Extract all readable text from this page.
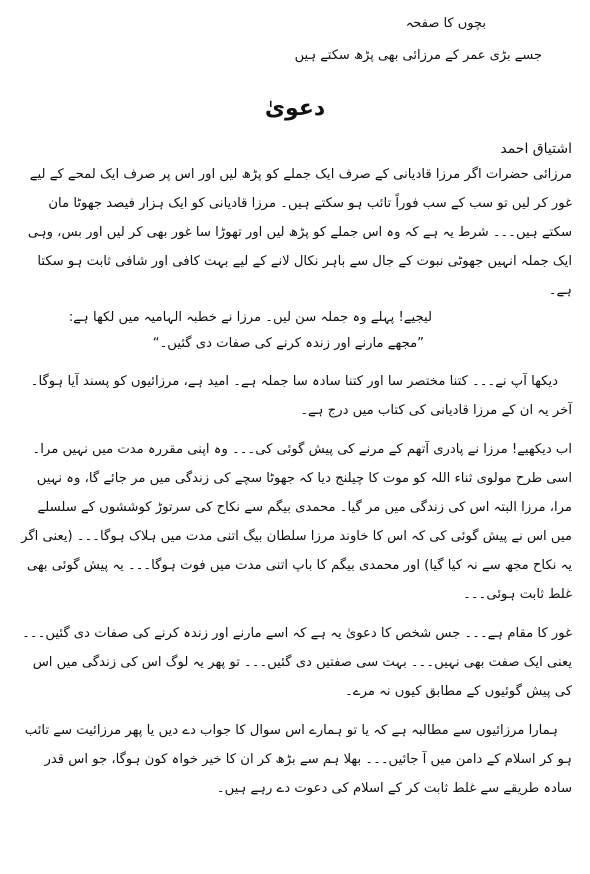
بچوں کا صفحہ
جسے بڑی عمر کے مرزائی بھی پڑھ سکتے ہیں
دعویٰ
اشتیاق احمد

مرزائی حضرات اگر مرزا قادیانی کے صرف ایک جملے کو پڑھ لیں اور اس پر صرف ایک لمحے کے لیے غور کر لیں تو سب کے سب فوراً تائب ہو سکتے ہیں۔ مرزا قادیانی کو ایک ہزار فیصد جھوٹا مان سکتے ہیں۔۔۔ شرط یہ ہے کہ وہ اس جملے کو پڑھ لیں اور تھوڑا سا غور بھی کر لیں اور بس، وہی ایک جملہ انہیں جھوٹی نبوت کے جال سے باہر نکال لانے کے لیے بہت کافی اور شافی ثابت ہو سکتا ہے۔

لیجیے! پہلے وہ جملہ سن لیں۔ مرزا نے خطبہ الہامیہ میں لکھا ہے:
”مجھے مارنے اور زندہ کرنے کی صفات دی گئیں۔“

دیکھا آپ نے۔۔۔ کتنا مختصر سا اور کتنا سادہ سا جملہ ہے۔ امید ہے، مرزائیوں کو پسند آیا ہوگا۔ آخر یہ ان کے مرزا قادیانی کی کتاب میں درج ہے۔

اب دیکھیے! مرزا نے پادری آتھم کے مرنے کی پیش گوئی کی۔۔۔ وہ اپنی مقررہ مدت میں نہیں مرا۔ اسی طرح مولوی ثناء اللہ کو موت کا چیلنج دیا کہ جھوٹا سچے کی زندگی میں مر جائے گا، وہ نہیں مرا، مرزا البتہ اس کی زندگی میں مر گیا۔ محمدی بیگم سے نکاح کی سرتوڑ کوششوں کے سلسلے میں اس نے پیش گوئی کی کہ اس کا خاوند مرزا سلطان بیگ اتنی مدت میں ہلاک ہوگا۔۔۔ (یعنی اگر یہ نکاح مجھ سے نہ کیا گیا) اور محمدی بیگم کا باپ اتنی مدت میں فوت ہوگا۔۔۔ یہ پیش گوئی بھی غلط ثابت ہوئی۔۔۔

غور کا مقام ہے۔۔۔ جس شخص کا دعویٰ یہ ہے کہ اسے مارنے اور زندہ کرنے کی صفات دی گئیں۔۔۔ یعنی ایک صفت بھی نہیں۔۔۔ بہت سی صفتیں دی گئیں۔۔۔ تو پھر یہ لوگ اس کی زندگی میں اس کی پیش گوئیوں کے مطابق کیوں نہ مرے۔

ہمارا مرزائیوں سے مطالبہ ہے کہ یا تو ہمارے اس سوال کا جواب دے دیں یا پھر مرزائیت سے تائب ہو کر اسلام کے دامن میں آ جائیں۔۔۔ بھلا ہم سے بڑھ کر ان کا خیر خواہ کون ہوگا، جو اس قدر سادہ طریقے سے غلط ثابت کر کے اسلام کی دعوت دے رہے ہیں۔
